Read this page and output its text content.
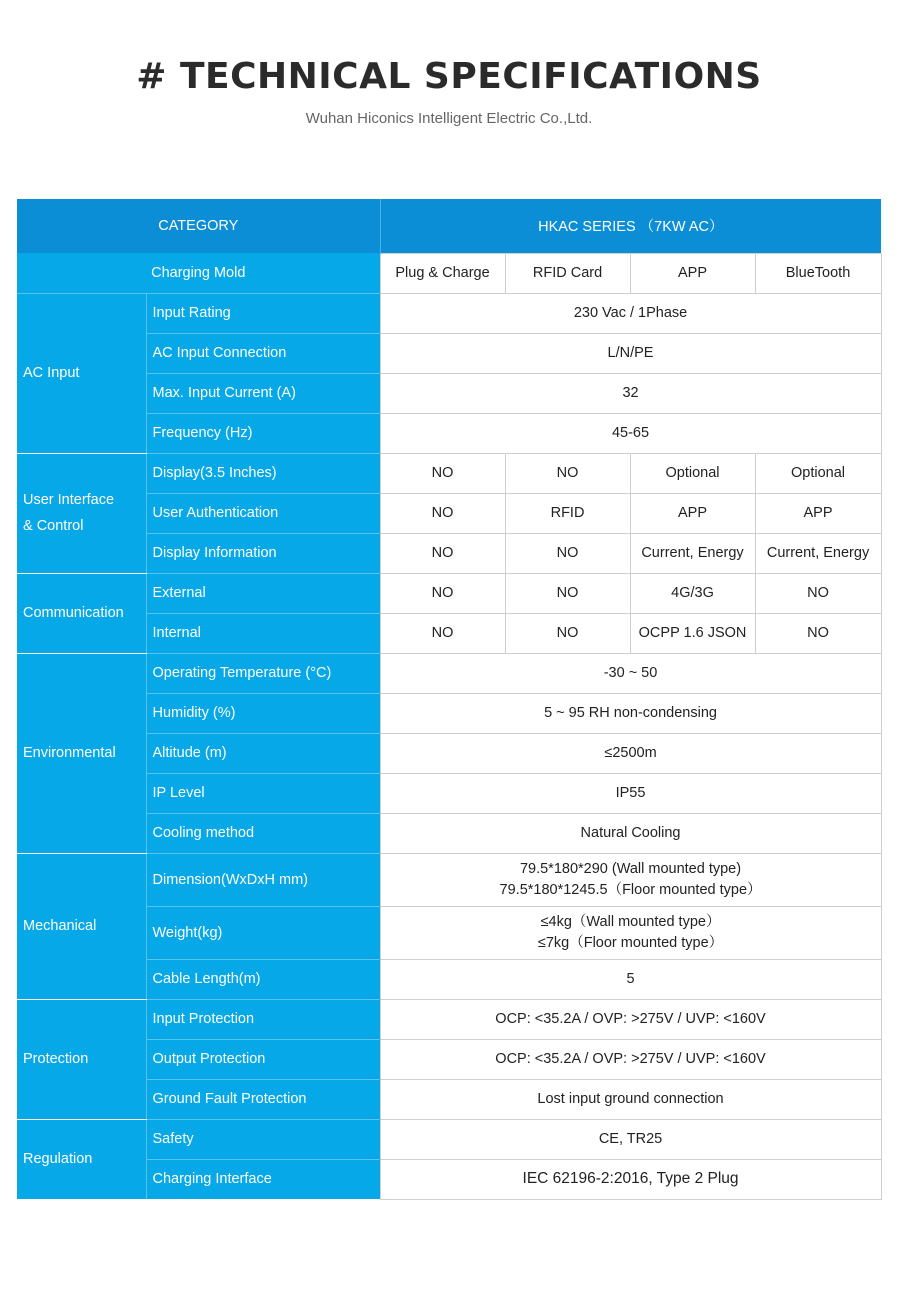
# TECHNICAL SPECIFICATIONS
Wuhan Hiconics Intelligent Electric Co.,Ltd.
CATEGORY		HKAC SERIES （7KW AC）			
Charging Mold		Plug & Charge	RFID Card	APP	BlueTooth
AC Input	Input Rating	230 Vac / 1Phase			
	AC Input Connection	L/N/PE			
	Max. Input Current (A)	32			
	Frequency (Hz)	45-65			
User Interface
& Control	Display(3.5 Inches)	NO	NO	Optional	Optional
	User Authentication	NO	RFID	APP	APP
	Display Information	NO	NO	Current, Energy	Current, Energy
Communication	External	NO	NO	4G/3G	NO
	Internal	NO	NO	OCPP 1.6 JSON	NO
Environmental	Operating Temperature (°C)	-30 ~ 50			
	Humidity (%)	5 ~ 95 RH non-condensing			
	Altitude (m)	≤2500m			
	IP Level	IP55			
	Cooling method	Natural Cooling			
Mechanical	Dimension(WxDxH mm)	79.5*180*290 (Wall mounted type)
79.5*180*1245.5（Floor mounted type）			

	Weight(kg)	≤4kg（Wall mounted type）
≤7kg（Floor mounted type）			

	Cable Length(m)	5			
Protection	Input Protection	OCP: <35.2A / OVP: >275V / UVP: <160V			
	Output Protection	OCP: <35.2A / OVP: >275V / UVP: <160V			
	Ground Fault Protection	Lost input ground connection			
Regulation	Safety	CE, TR25			
	Charging Interface	IEC 62196-2:2016, Type 2 Plug			
